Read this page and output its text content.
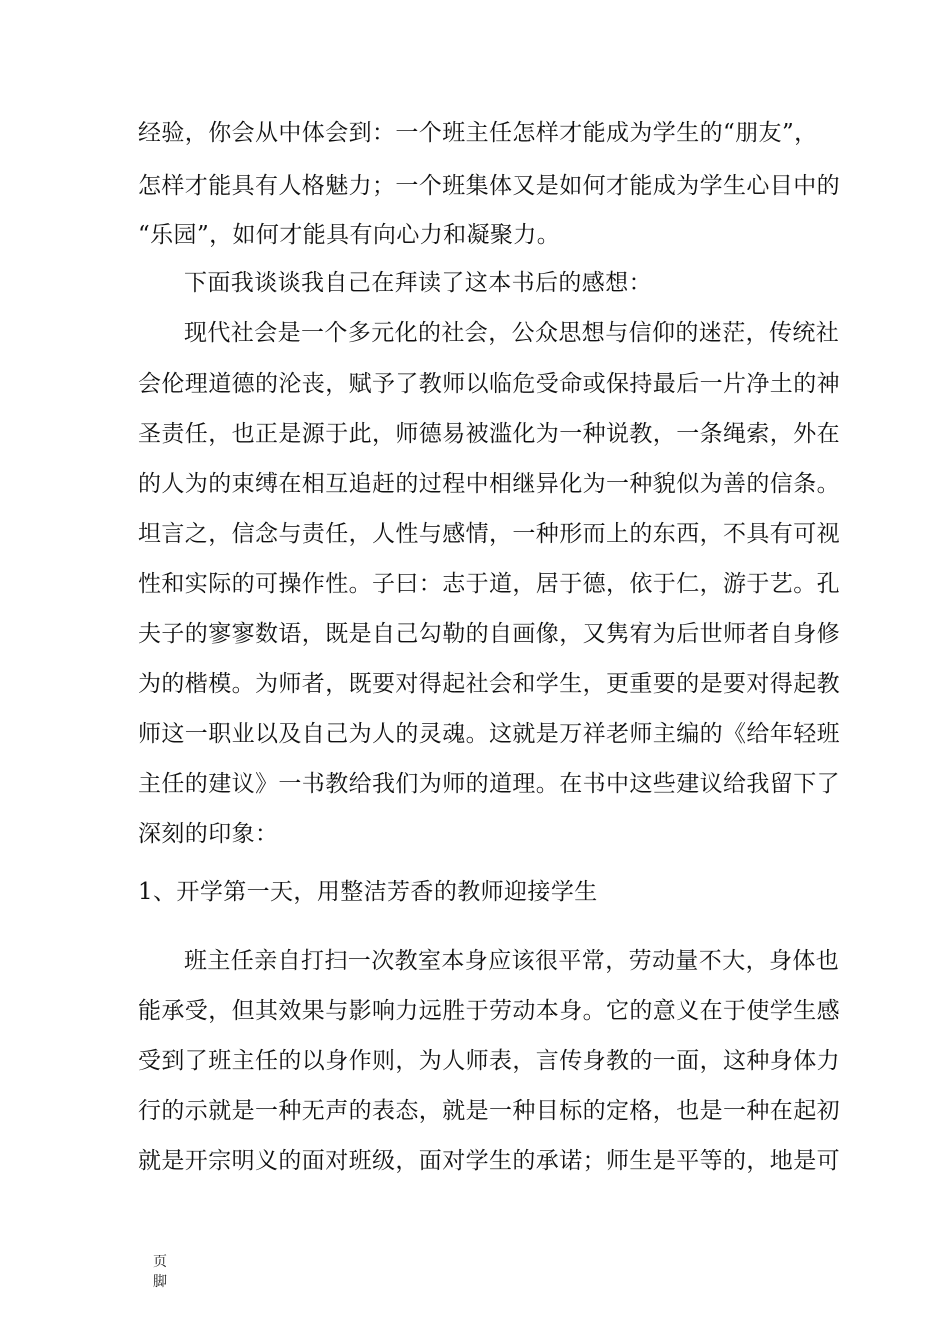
经验，你会从中体会到：一个班主任怎样才能成为学生的“朋友”，
怎样才能具有人格魅力；一个班集体又是如何才能成为学生心目中的
“乐园”，如何才能具有向心力和凝聚力。
下面我谈谈我自己在拜读了这本书后的感想：
现代社会是一个多元化的社会，公众思想与信仰的迷茫，传统社
会伦理道德的沦丧，赋予了教师以临危受命或保持最后一片净土的神
圣责任，也正是源于此，师德易被滥化为一种说教，一条绳索，外在
的人为的束缚在相互追赶的过程中相继异化为一种貌似为善的信条。
坦言之，信念与责任，人性与感情，一种形而上的东西，不具有可视
性和实际的可操作性。子曰：志于道，居于德，依于仁，游于艺。孔
夫子的寥寥数语，既是自己勾勒的自画像，又隽宥为后世师者自身修
为的楷模。为师者，既要对得起社会和学生，更重要的是要对得起教
师这一职业以及自己为人的灵魂。这就是万祥老师主编的《给年轻班
主任的建议》一书教给我们为师的道理。在书中这些建议给我留下了
深刻的印象：
1、开学第一天，用整洁芳香的教师迎接学生
班主任亲自打扫一次教室本身应该很平常，劳动量不大，身体也
能承受，但其效果与影响力远胜于劳动本身。它的意义在于使学生感
受到了班主任的以身作则，为人师表，言传身教的一面，这种身体力
行的示就是一种无声的表态，就是一种目标的定格，也是一种在起初
就是开宗明义的面对班级，面对学生的承诺；师生是平等的，地是可
页
脚
